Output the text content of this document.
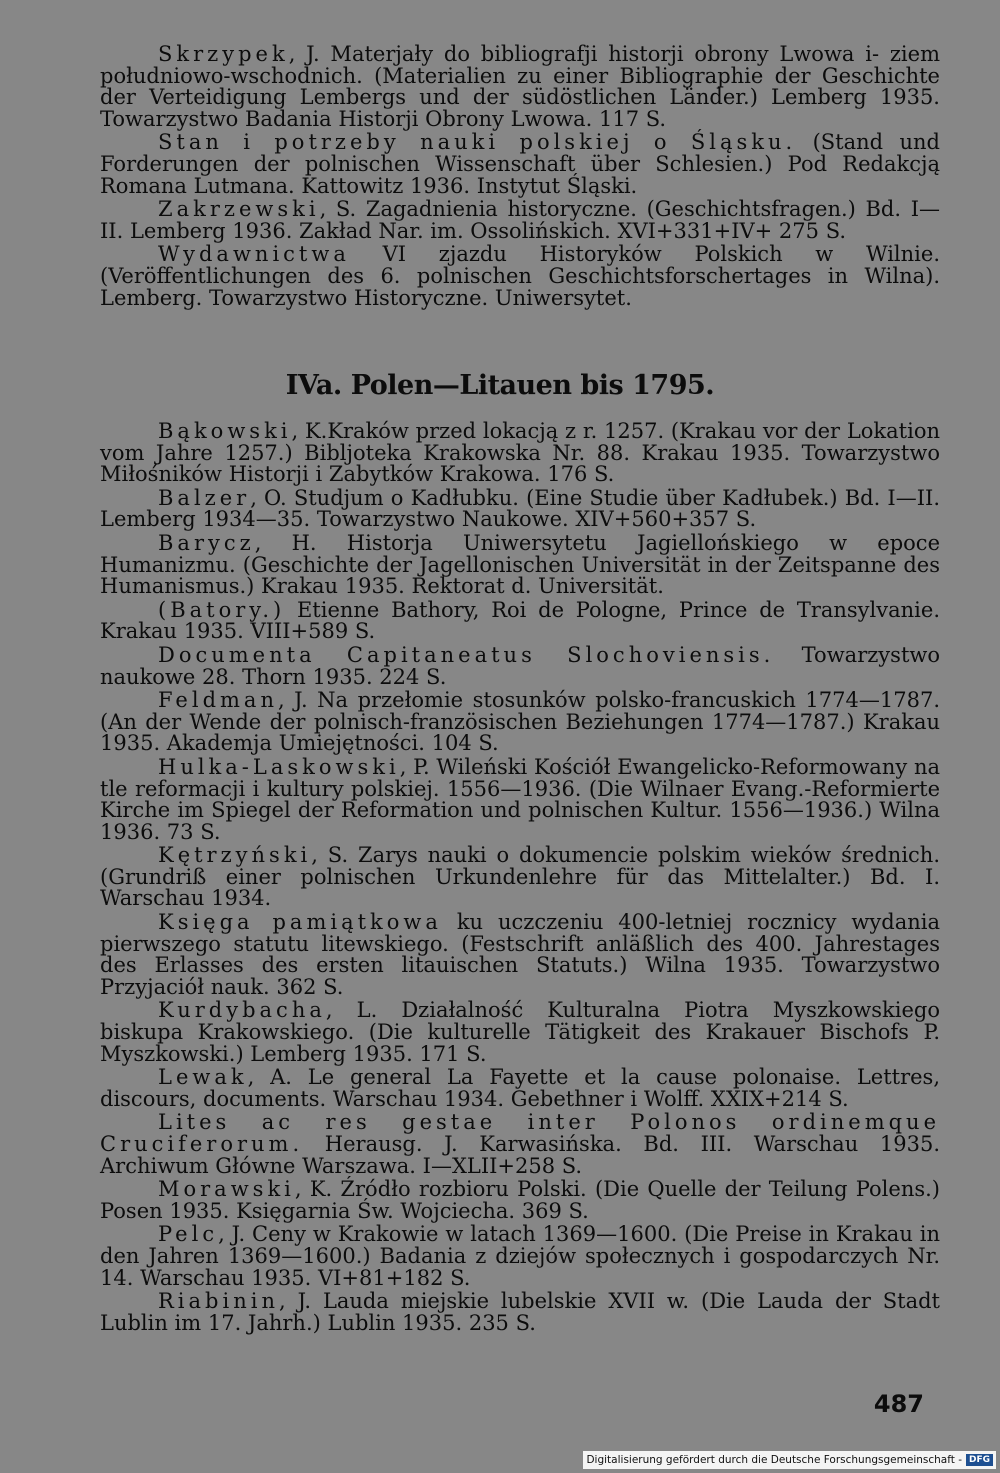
Skrzypek, J. Materjały do bibliografji historji obrony Lwowa i- ziem południowo-wschodnich. (Materialien zu einer Bibliographie der Geschichte der Verteidigung Lembergs und der südöstlichen Länder.) Lemberg 1935. Towarzystwo Badania Historji Obrony Lwowa. 117 S.

Stan i potrzeby nauki polskiej o Śląsku. (Stand und Forderungen der polnischen Wissenschaft über Schlesien.) Pod Redakcją Romana Lutmana. Kattowitz 1936. Instytut Śląski.

Zakrzewski, S. Zagadnienia historyczne. (Geschichtsfragen.) Bd. I—II. Lemberg 1936. Zakład Nar. im. Ossolińskich. XVI+331+IV+ 275 S.

Wydawnictwa VI zjazdu Historyków Polskich w Wilnie. (Veröffentlichungen des 6. polnischen Geschichtsforschertages in Wilna). Lemberg. Towarzystwo Historyczne. Uniwersytet.

IVa. Polen—Litauen bis 1795.

Bąkowski, K.Kraków przed lokacją z r. 1257. (Krakau vor der Lokation vom Jahre 1257.) Bibljoteka Krakowska Nr. 88. Krakau 1935. Towarzystwo Miłośników Historji i Zabytków Krakowa. 176 S.

Balzer, O. Studjum o Kadłubku. (Eine Studie über Kadłubek.) Bd. I—II. Lemberg 1934—35. Towarzystwo Naukowe. XIV+560+357 S.

Barycz, H. Historja Uniwersytetu Jagiellońskiego w epoce Humanizmu. (Geschichte der Jagellonischen Universität in der Zeitspanne des Humanismus.) Krakau 1935. Rektorat d. Universität.

(Batory.) Etienne Bathory, Roi de Pologne, Prince de Transylvanie. Krakau 1935. VIII+589 S.

Documenta Capitaneatus Slochoviensis. Towarzystwo naukowe 28. Thorn 1935. 224 S.

Feldman, J. Na przełomie stosunków polsko-francuskich 1774—1787. (An der Wende der polnisch-französischen Beziehungen 1774—1787.) Krakau 1935. Akademja Umiejętności. 104 S.

Hulka-Laskowski, P. Wileński Kościół Ewangelicko-Reformowany na tle reformacji i kultury polskiej. 1556—1936. (Die Wilnaer Evang.-Reformierte Kirche im Spiegel der Reformation und polnischen Kultur. 1556—1936.) Wilna 1936. 73 S.

Kętrzyński, S. Zarys nauki o dokumencie polskim wieków średnich. (Grundriß einer polnischen Urkundenlehre für das Mittelalter.) Bd. I. Warschau 1934.

Księga pamiątkowa ku uczczeniu 400-letniej rocznicy wydania pierwszego statutu litewskiego. (Festschrift anläßlich des 400. Jahrestages des Erlasses des ersten litauischen Statuts.) Wilna 1935. Towarzystwo Przyjaciół nauk. 362 S.

Kurdybacha, L. Działalność Kulturalna Piotra Myszkowskiego biskupa Krakowskiego. (Die kulturelle Tätigkeit des Krakauer Bischofs P. Myszkowski.) Lemberg 1935. 171 S.

Lewak, A. Le general La Fayette et la cause polonaise. Lettres, discours, documents. Warschau 1934. Gebethner i Wolff. XXIX+214 S.

Lites ac res gestae inter Polonos ordinemque Cruciferorum. Herausg. J. Karwasińska. Bd. III. Warschau 1935. Archiwum Główne Warszawa. I—XLII+258 S.

Morawski, K. Źródło rozbioru Polski. (Die Quelle der Teilung Polens.) Posen 1935. Księgarnia Św. Wojciecha. 369 S.

Pelc, J. Ceny w Krakowie w latach 1369—1600. (Die Preise in Krakau in den Jahren 1369—1600.) Badania z dziejów społecznych i gospodarczych Nr. 14. Warschau 1935. VI+81+182 S.

Riabinin, J. Lauda miejskie lubelskie XVII w. (Die Lauda der Stadt Lublin im 17. Jahrh.) Lublin 1935. 235 S.

487
Digitalisierung gefördert durch die Deutsche Forschungsgemeinschaft - DFG
